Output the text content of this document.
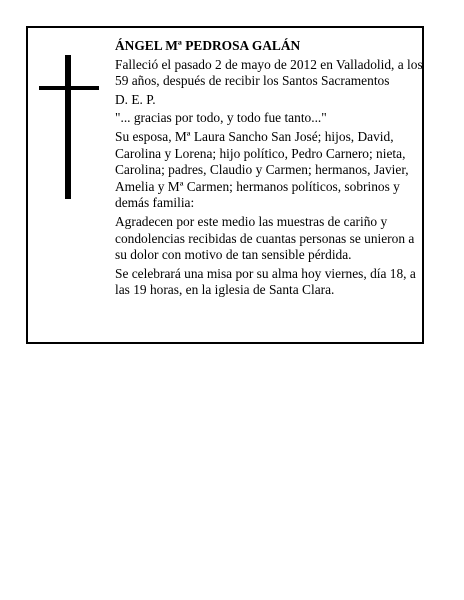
ÁNGEL Mª PEDROSA GALÁN

Falleció el pasado 2 de mayo de 2012 en Valladolid, a los 59 años, después de recibir los Santos Sacramentos

D. E. P.

"... gracias por todo, y todo fue tanto..."

Su esposa, Mª Laura Sancho San José; hijos, David, Carolina y Lorena; hijo político, Pedro Carnero; nieta, Carolina; padres, Claudio y Carmen; hermanos, Javier, Amelia y Mª Carmen; hermanos políticos, sobrinos y demás familia:

Agradecen por este medio las muestras de cariño y condolencias recibidas de cuantas personas se unieron a su dolor con motivo de tan sensible pérdida.

Se celebrará una misa por su alma hoy viernes, día 18, a las 19 horas, en la iglesia de Santa Clara.
